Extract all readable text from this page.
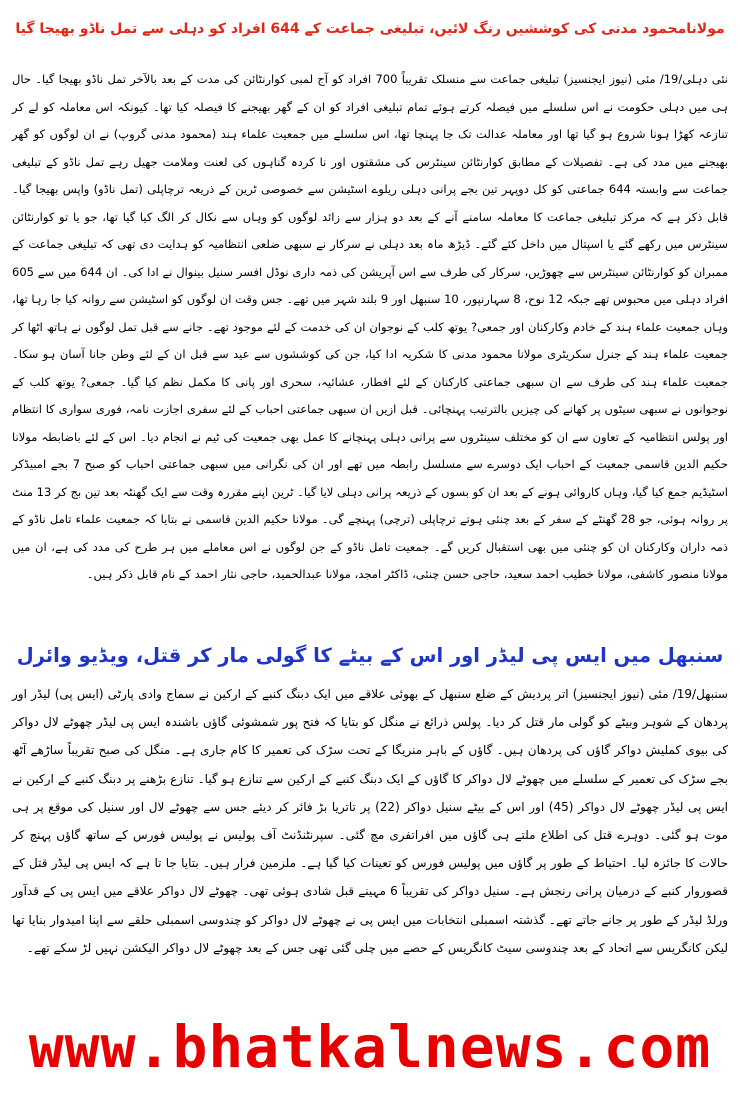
مولانامحمود مدنی کی کوششیں رنگ لائیں، تبلیغی جماعت کے 644 افراد کو دہلی سے تمل ناڈو بھیجا گیا

نئی دہلی/19/ مئی (نیوز ایجنسیز) تبلیغی جماعت سے منسلک تقریباً 700 افراد کو آج لمبی کوارنٹائن کی مدت کے بعد بالآخر تمل ناڈو بھیجا گیا۔ حال ہی میں دہلی حکومت نے اس سلسلے میں فیصلہ کرتے ہوئے تمام تبلیغی افراد کو ان کے گھر بھیجنے کا فیصلہ کیا تھا۔ کیونکہ اس معاملہ کو لے کر تنازعہ کھڑا ہونا شروع ہو گیا تھا اور معاملہ عدالت تک جا پہنچا تھا، اس سلسلے میں جمعیت علماء ہند (محمود مدنی گروپ) نے ان لوگوں کو گھر بھیجنے میں مدد کی ہے۔ تفصیلات کے مطابق کوارنٹائن سینٹرس کی مشقتوں اور نا کردہ گناہوں کی لعنت وملامت جھیل رہے تمل ناڈو کے تبلیغی جماعت سے وابستہ 644 جماعتی کو کل دوپہر تین بجے پرانی دہلی ریلوے اسٹیشن سے خصوصی ٹرین کے ذریعہ ترچاپلی (تمل ناڈو) واپس بھیجا گیا۔ قابل ذکر ہے کہ مرکز تبلیغی جماعت کا معاملہ سامنے آنے کے بعد دو ہزار سے زائد لوگوں کو وہاں سے نکال کر الگ کیا گیا تھا، جو یا تو کوارنٹائن سینٹرس میں رکھے گئے یا اسپتال میں داخل کئے گئے۔ ڈیڑھ ماہ بعد دہلی نے سرکار نے سبھی ضلعی انتظامیہ کو ہدایت دی تھی کہ تبلیغی جماعت کے ممبران کو کوارنٹائن سینٹرس سے چھوڑیں، سرکار کی طرف سے اس آپریشن کی ذمہ داری نوڈل افسر سنیل بینوال نے ادا کی۔ ان 644 میں سے 605 افراد دہلی میں محبوس تھے جبکہ 12 نوح، 8 سہارنپور، 10 سنبھل اور 9 بلند شہر میں تھے۔ جس وقت ان لوگوں کو اسٹیشن سے روانہ کیا جا رہا تھا، وہاں جمعیت علماء ہند کے خادم وکارکنان اور جمعی? یوتھ کلب کے نوجوان ان کی خدمت کے لئے موجود تھے۔ جانے سے قبل تمل لوگوں نے ہاتھ اٹھا کر جمعیت علماء ہند کے جنرل سکریٹری مولانا محمود مدنی کا شکریہ ادا کیا، جن کی کوششوں سے عید سے قبل ان کے لئے وطن جانا آسان ہو سکا۔ جمعیت علماء ہند کی طرف سے ان سبھی جماعتی کارکنان کے لئے افطار، عشائیہ، سحری اور پانی کا مکمل نظم کیا گیا۔ جمعی? یوتھ کلب کے نوجوانوں نے سبھی سیٹوں پر کھانے کی چیزیں بالترتیب پہنچائی۔ قبل ازیں ان سبھی جماعتی احباب کے لئے سفری اجازت نامہ، فوری سواری کا انتظام اور پولس انتظامیہ کے تعاون سے ان کو مختلف سینٹروں سے پرانی دہلی پہنچانے کا عمل بھی جمعیت کی ٹیم نے انجام دیا۔ اس کے لئے باضابطہ مولانا حکیم الدین قاسمی جمعیت کے احباب ایک دوسرے سے مسلسل رابطہ میں تھے اور ان کی نگرانی میں سبھی جماعتی احباب کو صبح 7 بجے امبیڈکر اسٹیڈیم جمع کیا گیا، وہاں کاروائی ہونے کے بعد ان کو بسوں کے ذریعہ پرانی دہلی لایا گیا۔ ٹرین اپنے مقررہ وقت سے ایک گھنٹہ بعد تین بج کر 13 منٹ پر روانہ ہوئی، جو 28 گھنٹے کے سفر کے بعد چنئی ہوتے ترچاپلی (ترچی) پہنچے گی۔ مولانا حکیم الدین قاسمی نے بتایا کہ جمعیت علماء تامل ناڈو کے ذمہ داران وکارکنان ان کو چنئی میں بھی استقبال کریں گے۔ جمعیت تامل ناڈو کے جن لوگوں نے اس معاملے میں ہر طرح کی مدد کی ہے، ان میں مولانا منصور کاشفی، مولانا خطیب احمد سعید، حاجی حسن چنئی، ڈاکٹر امجد، مولانا عبدالحمید، حاجی نثار احمد کے نام قابل ذکر ہیں۔

سنبھل میں ایس پی لیڈر اور اس کے بیٹے کا گولی مار کر قتل، ویڈیو وائرل

سنبھل/19/ مئی (نیوز ایجنسیز) اتر پردیش کے ضلع سنبھل کے بھوئی علاقے میں ایک دبنگ کنبے کے ارکین نے سماج وادی پارٹی (ایس پی) لیڈر اور پردھان کے شوہر وبیٹے کو گولی مار قتل کر دیا۔ پولس ذرائع نے منگل کو بتایا کہ فتح پور شمشوئی گاؤں باشندہ ایس پی لیڈر چھوٹے لال دواکر کی بیوی کملیش دواکر گاؤں کی پردھان ہیں۔ گاؤں کے باہر منریگا کے تحت سڑک کی تعمیر کا کام جاری ہے۔ منگل کی صبح تقریباً ساڑھے آٹھ بجے سڑک کی تعمیر کے سلسلے میں چھوٹے لال دواکر کا گاؤں کے ایک دبنگ کنبے کے ارکین سے تنازع ہو گیا۔ تنازع بڑھنے پر دبنگ کنبے کے ارکین نے ایس پی لیڈر چھوٹے لال دواکر (45) اور اس کے بیٹے سنیل دواکر (22) پر تاتریا بڑ فائر کر دیئے جس سے چھوٹے لال اور سنیل کی موقع پر ہی موت ہو گئی۔ دوہرے قتل کی اطلاع ملتے ہی گاؤں میں افراتفری مچ گئی۔ سپرنٹنڈنٹ آف پولیس نے پولیس فورس کے ساتھ گاؤں پہنچ کر حالات کا جائزہ لیا۔ احتیاط کے طور پر گاؤں میں پولیس فورس کو تعینات کیا گیا ہے۔ ملزمین فرار ہیں۔ بتایا جا تا ہے کہ ایس پی لیڈر قتل کے قصوروار کنبے کے درمیان پرانی رنجش ہے۔ سنیل دواکر کی تقریباً 6 مہینے قبل شادی ہوئی تھی۔ چھوٹے لال دواکر علاقے میں ایس پی کے قدآور ورلڈ لیڈر کے طور پر جانے جاتے تھے۔ گذشتہ اسمبلی انتخابات میں ایس پی نے چھوٹے لال دواکر کو چندوسی اسمبلی حلقے سے اپنا امیدوار بنایا تھا لیکن کانگریس سے اتحاد کے بعد چندوسی سیٹ کانگریس کے حصے میں چلی گئی تھی جس کے بعد چھوٹے لال دواکر الیکشن نہیں لڑ سکے تھے۔

www.bhatkalnews.com
